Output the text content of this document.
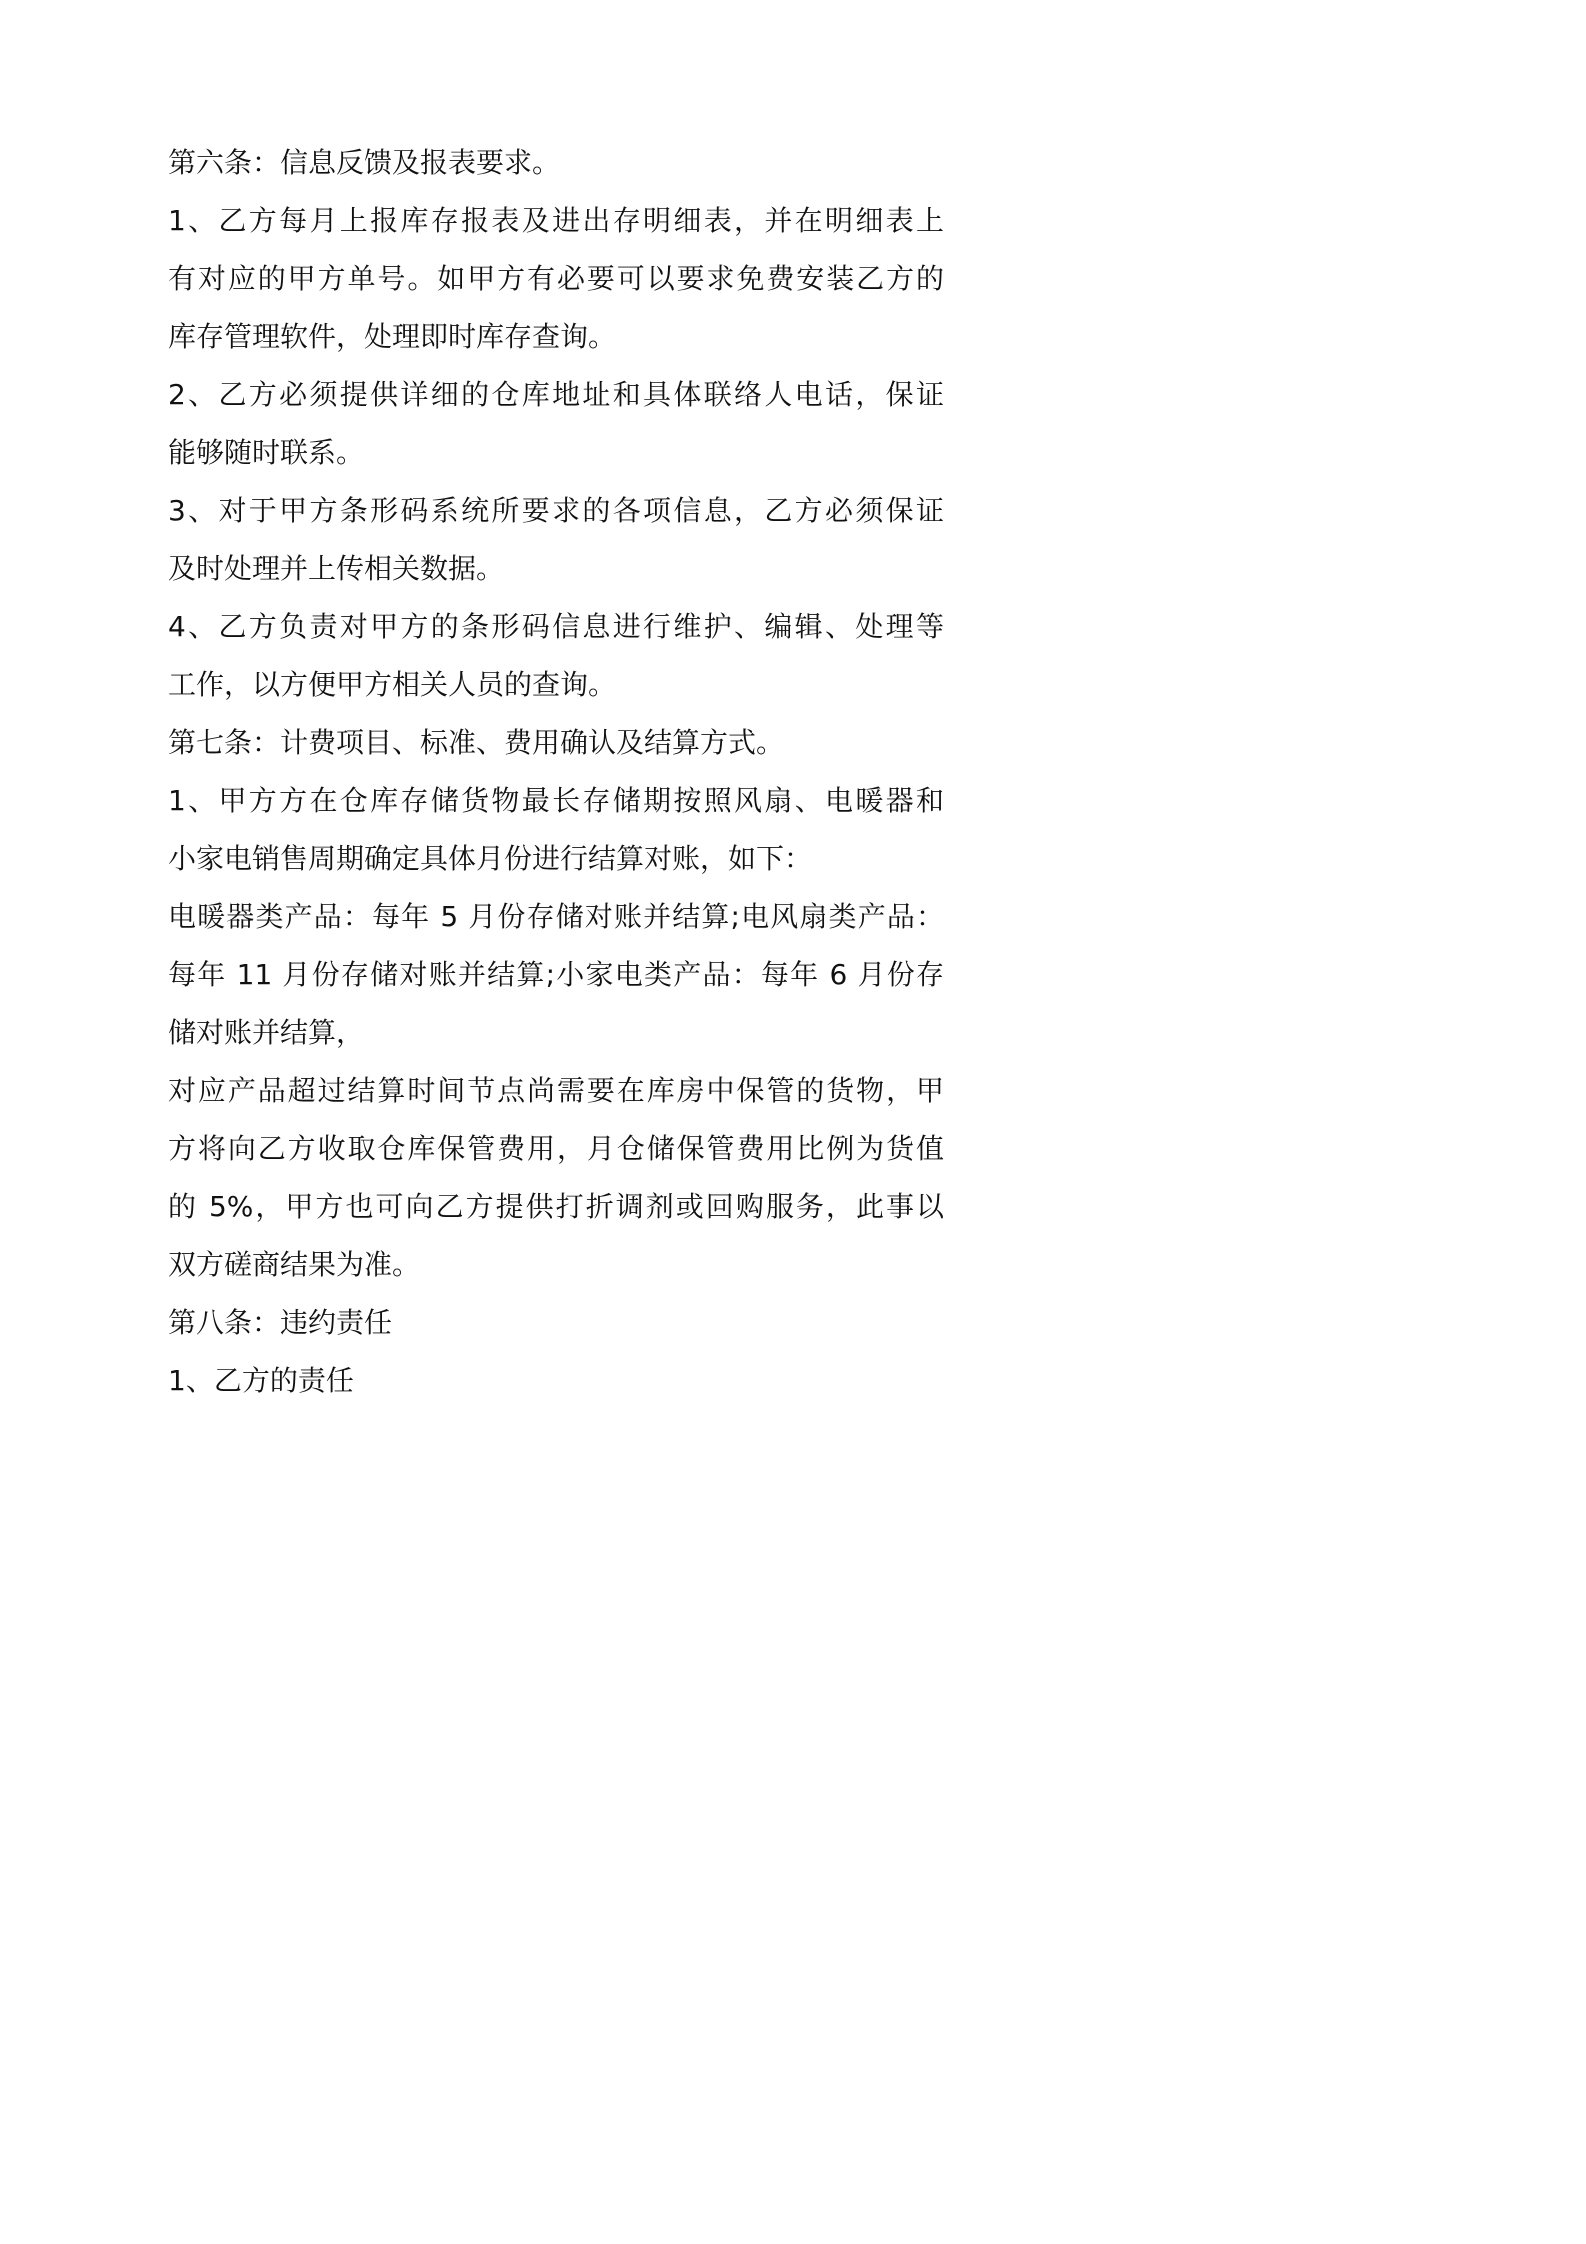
第六条：信息反馈及报表要求。
1、乙方每月上报库存报表及进出存明细表，并在明细表上
有对应的甲方单号。如甲方有必要可以要求免费安装乙方的
库存管理软件，处理即时库存查询。
2、乙方必须提供详细的仓库地址和具体联络人电话，保证
能够随时联系。
3、对于甲方条形码系统所要求的各项信息，乙方必须保证
及时处理并上传相关数据。
4、乙方负责对甲方的条形码信息进行维护、编辑、处理等
工作，以方便甲方相关人员的查询。
第七条：计费项目、标准、费用确认及结算方式。
1、甲方方在仓库存储货物最长存储期按照风扇、电暖器和
小家电销售周期确定具体月份进行结算对账，如下：
电暖器类产品：每年 5 月份存储对账并结算;电风扇类产品：
每年 11 月份存储对账并结算;小家电类产品：每年 6 月份存
储对账并结算，
对应产品超过结算时间节点尚需要在库房中保管的货物，甲
方将向乙方收取仓库保管费用，月仓储保管费用比例为货值
的 5%，甲方也可向乙方提供打折调剂或回购服务，此事以
双方磋商结果为准。
第八条：违约责任
1、乙方的责任
